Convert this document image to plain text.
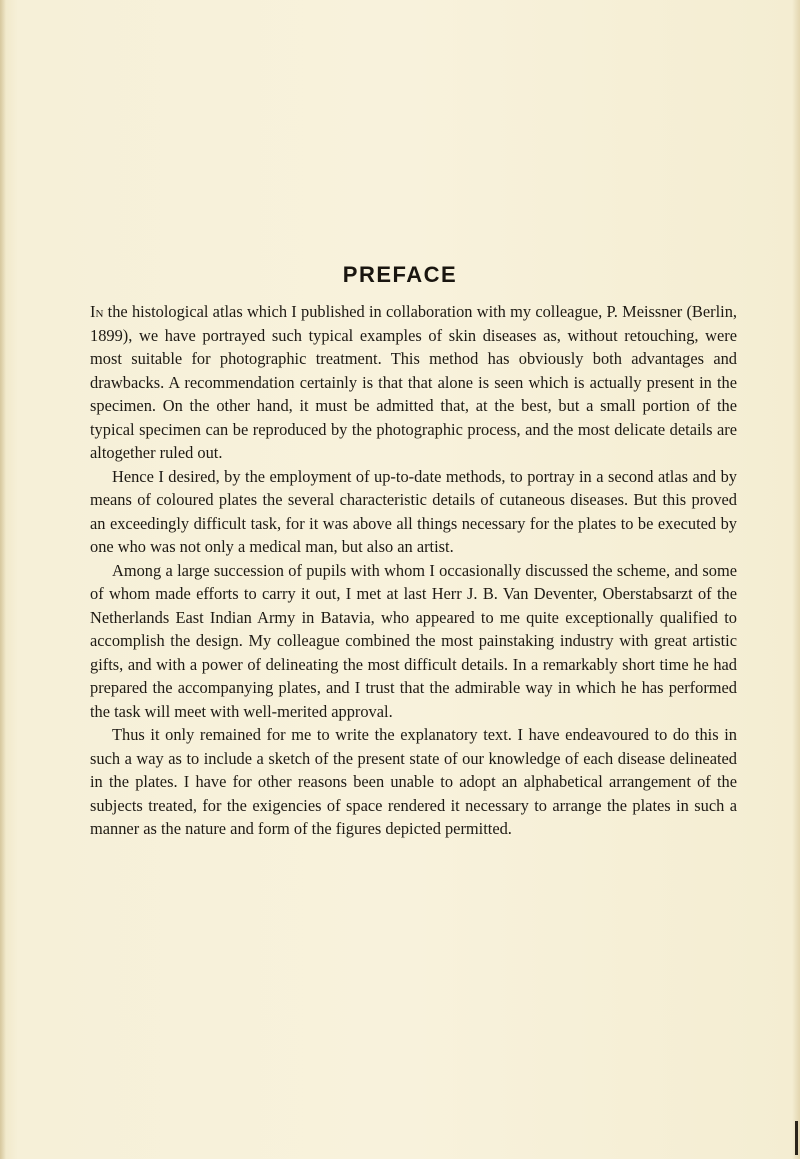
PREFACE

In the histological atlas which I published in collaboration with my colleague, P. Meissner (Berlin, 1899), we have portrayed such typical examples of skin diseases as, without retouching, were most suitable for photographic treatment. This method has obviously both advantages and drawbacks. A recommendation certainly is that that alone is seen which is actually present in the specimen. On the other hand, it must be admitted that, at the best, but a small portion of the typical specimen can be reproduced by the photographic process, and the most delicate details are altogether ruled out.

Hence I desired, by the employment of up-to-date methods, to portray in a second atlas and by means of coloured plates the several characteristic details of cutaneous diseases. But this proved an exceedingly difficult task, for it was above all things necessary for the plates to be executed by one who was not only a medical man, but also an artist.

Among a large succession of pupils with whom I occasionally discussed the scheme, and some of whom made efforts to carry it out, I met at last Herr J. B. Van Deventer, Oberstabsarzt of the Netherlands East Indian Army in Batavia, who appeared to me quite exceptionally qualified to accomplish the design. My colleague combined the most painstaking industry with great artistic gifts, and with a power of delineating the most difficult details. In a remarkably short time he had prepared the accompanying plates, and I trust that the admirable way in which he has performed the task will meet with well-merited approval.

Thus it only remained for me to write the explanatory text. I have endeavoured to do this in such a way as to include a sketch of the present state of our knowledge of each disease delineated in the plates. I have for other reasons been unable to adopt an alphabetical arrangement of the subjects treated, for the exigencies of space rendered it necessary to arrange the plates in such a manner as the nature and form of the figures depicted permitted.
